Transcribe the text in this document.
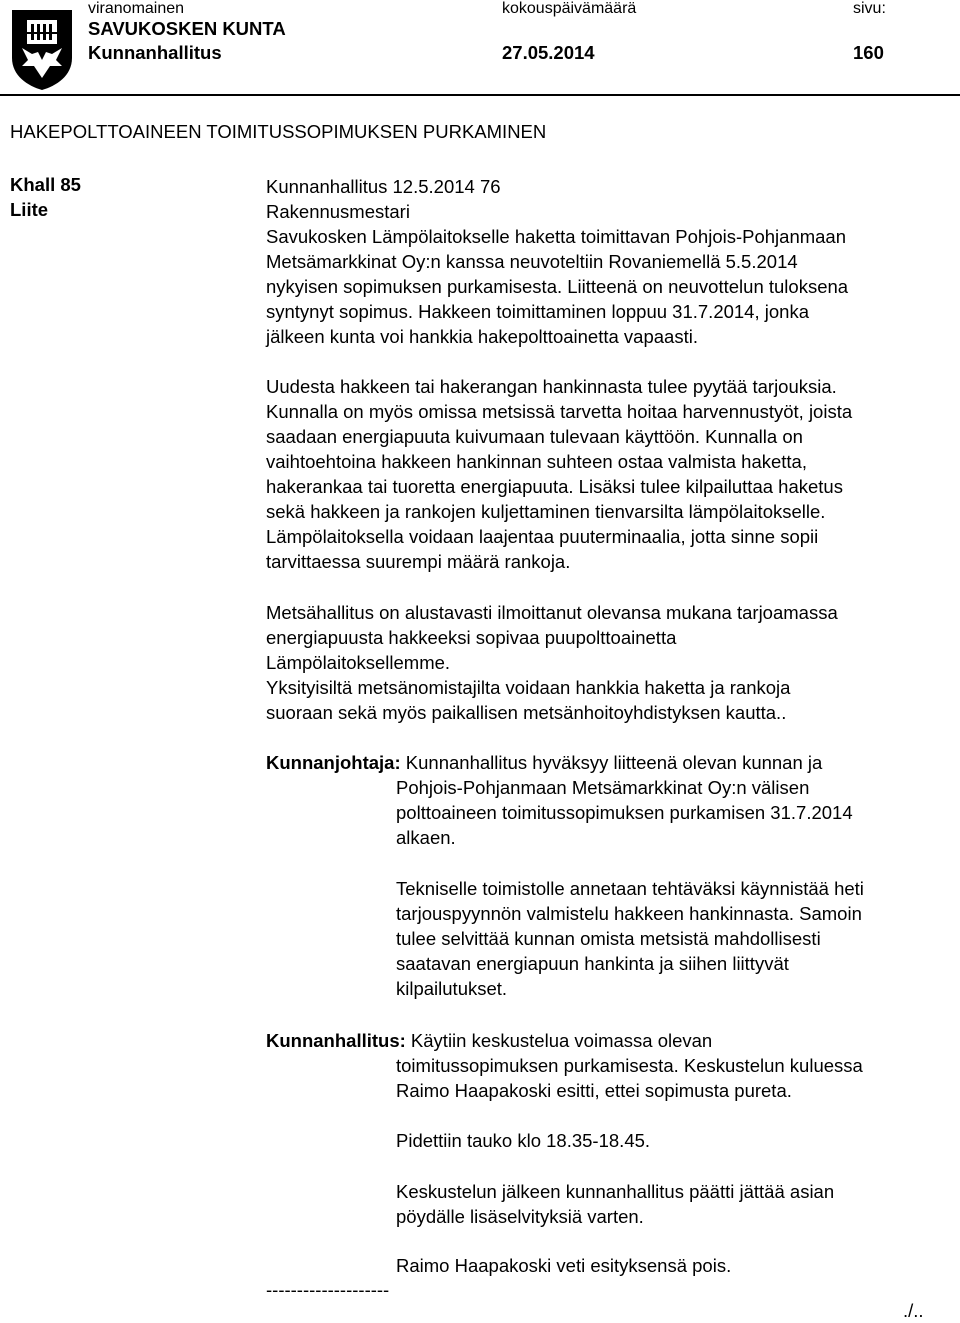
viranomainen	kokouspäivämäärä	sivu:
SAVUKOSKEN KUNTA
Kunnanhallitus	27.05.2014	160
HAKEPOLTTOAINEEN TOIMITUSSOPIMUKSEN PURKAMINEN
Khall 85
Liite
Kunnanhallitus 12.5.2014 76
Rakennusmestari
Savukosken Lämpölaitokselle haketta toimittavan Pohjois-Pohjanmaan
Metsämarkkinat Oy:n kanssa neuvoteltiin Rovaniemellä 5.5.2014
nykyisen sopimuksen purkamisesta. Liitteenä on neuvottelun tuloksena
syntynyt sopimus. Hakkeen toimittaminen loppuu 31.7.2014, jonka
jälkeen kunta voi hankkia hakepolttoainetta vapaasti.
Uudesta hakkeen tai hakerangan hankinnasta tulee pyytää tarjouksia.
Kunnalla on myös omissa metsissä tarvetta hoitaa harvennustyöt, joista
saadaan energiapuuta kuivumaan tulevaan käyttöön. Kunnalla on
vaihtoehtoina hakkeen hankinnan suhteen ostaa valmista haketta,
hakerankaa tai tuoretta energiapuuta. Lisäksi tulee kilpailuttaa haketus
sekä hakkeen ja rankojen kuljettaminen tienvarsilta lämpölaitokselle.
Lämpölaitoksella voidaan laajentaa puuterminaalia, jotta sinne sopii
tarvittaessa suurempi määrä rankoja.
Metsähallitus on alustavasti ilmoittanut olevansa mukana tarjoamassa
energiapuusta hakkeeksi sopivaa puupolttoainetta
Lämpölaitoksellemme.
Yksityisiltä metsänomistajilta voidaan hankkia haketta ja rankoja
suoraan sekä myös paikallisen metsänhoitoyhdistyksen kautta..
Kunnanjohtaja: Kunnanhallitus hyväksyy liitteenä olevan kunnan ja
Pohjois-Pohjanmaan Metsämarkkinat Oy:n välisen
polttoaineen toimitussopimuksen purkamisen 31.7.2014
alkaen.
Tekniselle toimistolle annetaan tehtäväksi käynnistää heti
tarjouspyynnön valmistelu hakkeen hankinnasta. Samoin
tulee selvittää kunnan omista metsistä mahdollisesti
saatavan energiapuun hankinta ja siihen liittyvät
kilpailutukset.
Kunnanhallitus: Käytiin keskustelua voimassa olevan
toimitussopimuksen purkamisesta. Keskustelun kuluessa
Raimo Haapakoski esitti, ettei sopimusta pureta.
Pidettiin tauko klo 18.35-18.45.
Keskustelun jälkeen kunnanhallitus päätti jättää asian
pöydälle lisäselvityksiä varten.
Raimo Haapakoski veti esityksensä pois.
--------------------
./..
